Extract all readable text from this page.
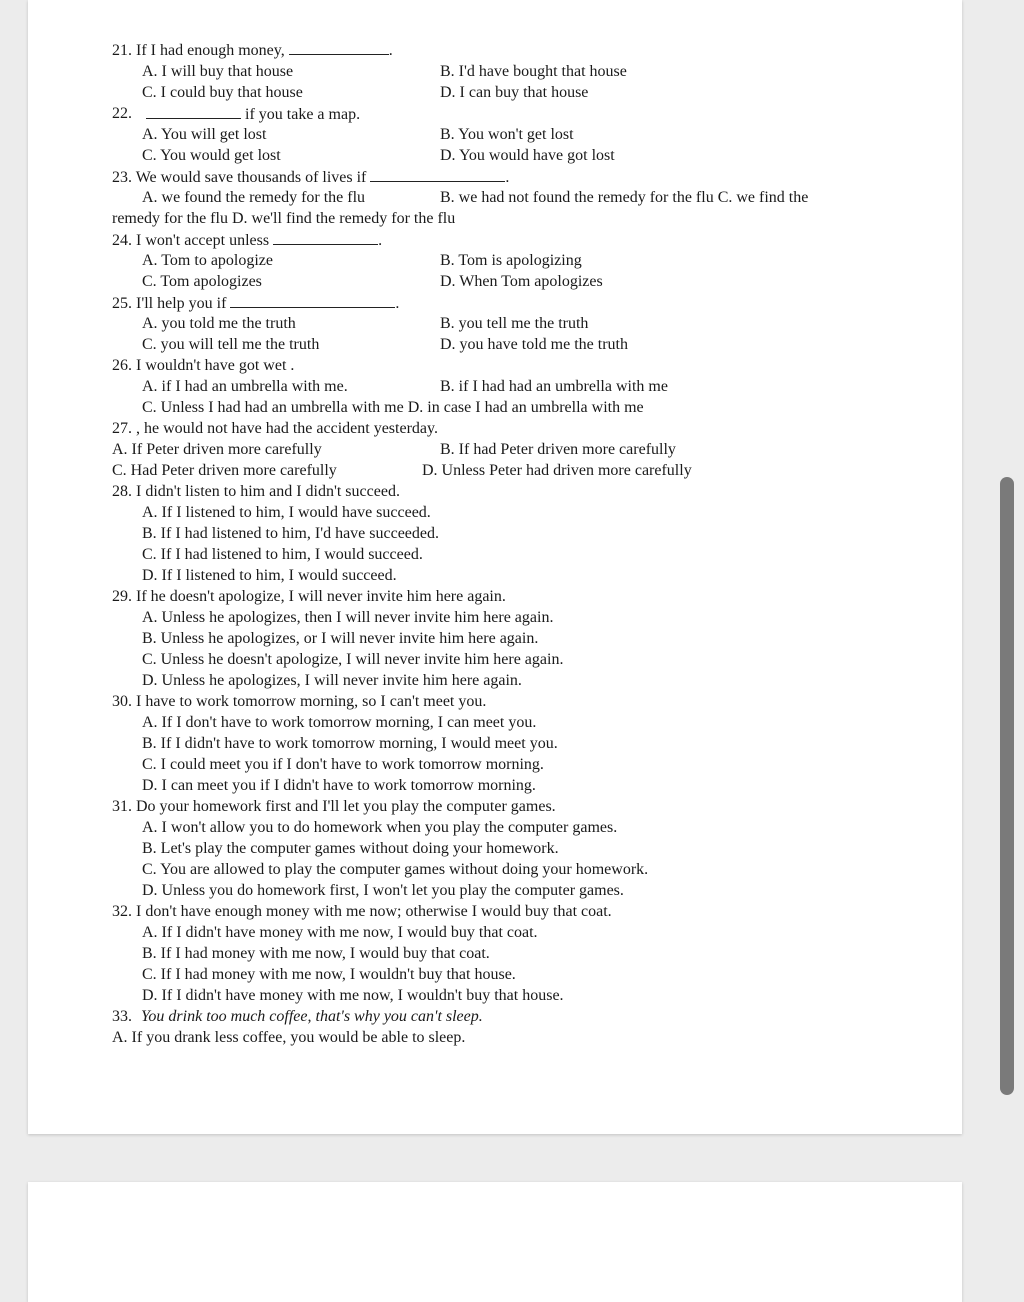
21. If I had enough money,	.
A. I will buy that house	B. I'd have bought that house
C. I could buy that house	D. I can buy that house
22.	if you take a map.
A. You will get lost	B. You won't get lost
C. You would get lost	D. You would have got lost
23. We would save thousands of lives if	.
A. we found the remedy for the flu	B. we had not found the remedy for the flu C. we find the
remedy for the flu D. we'll find the remedy for the flu
24. I won't accept unless	.
A. Tom to apologize	B. Tom is apologizing
C. Tom apologizes	D. When Tom apologizes
25. I'll help you if	.
A. you told me the truth	B. you tell me the truth
C. you will tell me the truth	D. you have told me the truth
26. I wouldn't have got wet .
A. if I had an umbrella with me.	B. if I had had an umbrella with me
C. Unless I had had an umbrella with me D. in case I had an umbrella with me
27. , he would not have had the accident yesterday.
A. If Peter driven more carefully	B. If had Peter driven more carefully
C. Had Peter driven more carefully	D. Unless Peter had driven more carefully
28. I didn't listen to him and I didn't succeed.
A. If I listened to him, I would have succeed.
B. If I had listened to him, I'd have succeeded.
C. If I had listened to him, I would succeed.
D. If I listened to him, I would succeed.
29. If he doesn't apologize, I will never invite him here again.
A. Unless he apologizes, then I will never invite him here again.
B. Unless he apologizes, or I will never invite him here again.
C. Unless he doesn't apologize, I will never invite him here again.
D. Unless he apologizes, I will never invite him here again.
30. I have to work tomorrow morning, so I can't meet you.
A. If I don't have to work tomorrow morning, I can meet you.
B. If I didn't have to work tomorrow morning, I would meet you.
C. I could meet you if I don't have to work tomorrow morning.
D. I can meet you if I didn't have to work tomorrow morning.
31. Do your homework first and I'll let you play the computer games.
A. I won't allow you to do homework when you play the computer games.
B. Let's play the computer games without doing your homework.
C. You are allowed to play the computer games without doing your homework.
D. Unless you do homework first, I won't let you play the computer games.
32. I don't have enough money with me now; otherwise I would buy that coat.
A. If I didn't have money with me now, I would buy that coat.
B. If I had money with me now, I would buy that coat.
C. If I had money with me now, I wouldn't buy that house.
D. If I didn't have money with me now, I wouldn't buy that house.
33. You drink too much coffee, that's why you can't sleep.
A. If you drank less coffee, you would be able to sleep.
